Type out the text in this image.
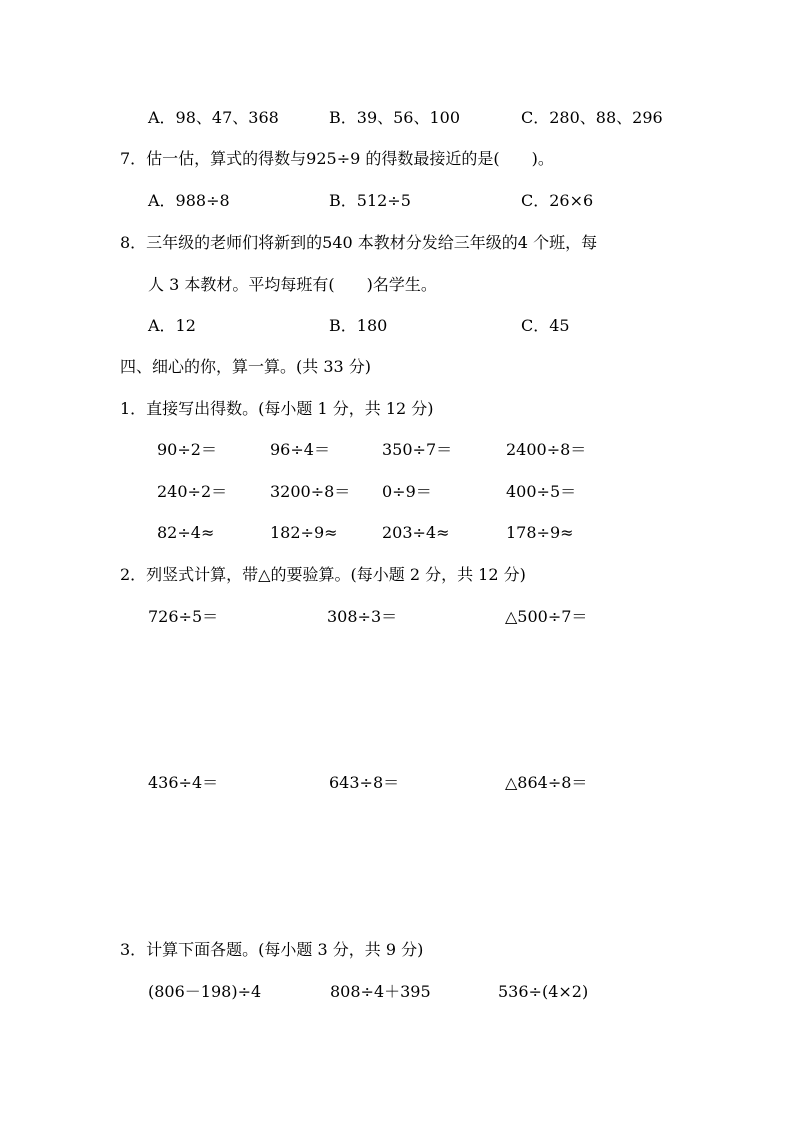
A．98、47、368	B．39、56、100	C．280、88、296
7．估一估，算式的得数与925÷9 的得数最接近的是(　　)。
A．988÷8	B．512÷5	C．26×6
8．三年级的老师们将新到的540 本教材分发给三年级的4 个班，每
人 3 本教材。平均每班有(　　)名学生。
A．12	B．180	C．45
四、细心的你，算一算。(共 33 分)
1．直接写出得数。(每小题 1 分，共 12 分)
90÷2＝	96÷4＝	350÷7＝	2400÷8＝
240÷2＝	3200÷8＝ 0÷9＝	400÷5＝
82÷4≈	182÷9≈	203÷4≈	178÷9≈
2．列竖式计算，带△的要验算。(每小题 2 分，共 12 分)
726÷5＝	308÷3＝	△500÷7＝
436÷4＝	643÷8＝	△864÷8＝
3．计算下面各题。(每小题 3 分，共 9 分)
(806－198)÷4	808÷4＋395	536÷(4×2)
